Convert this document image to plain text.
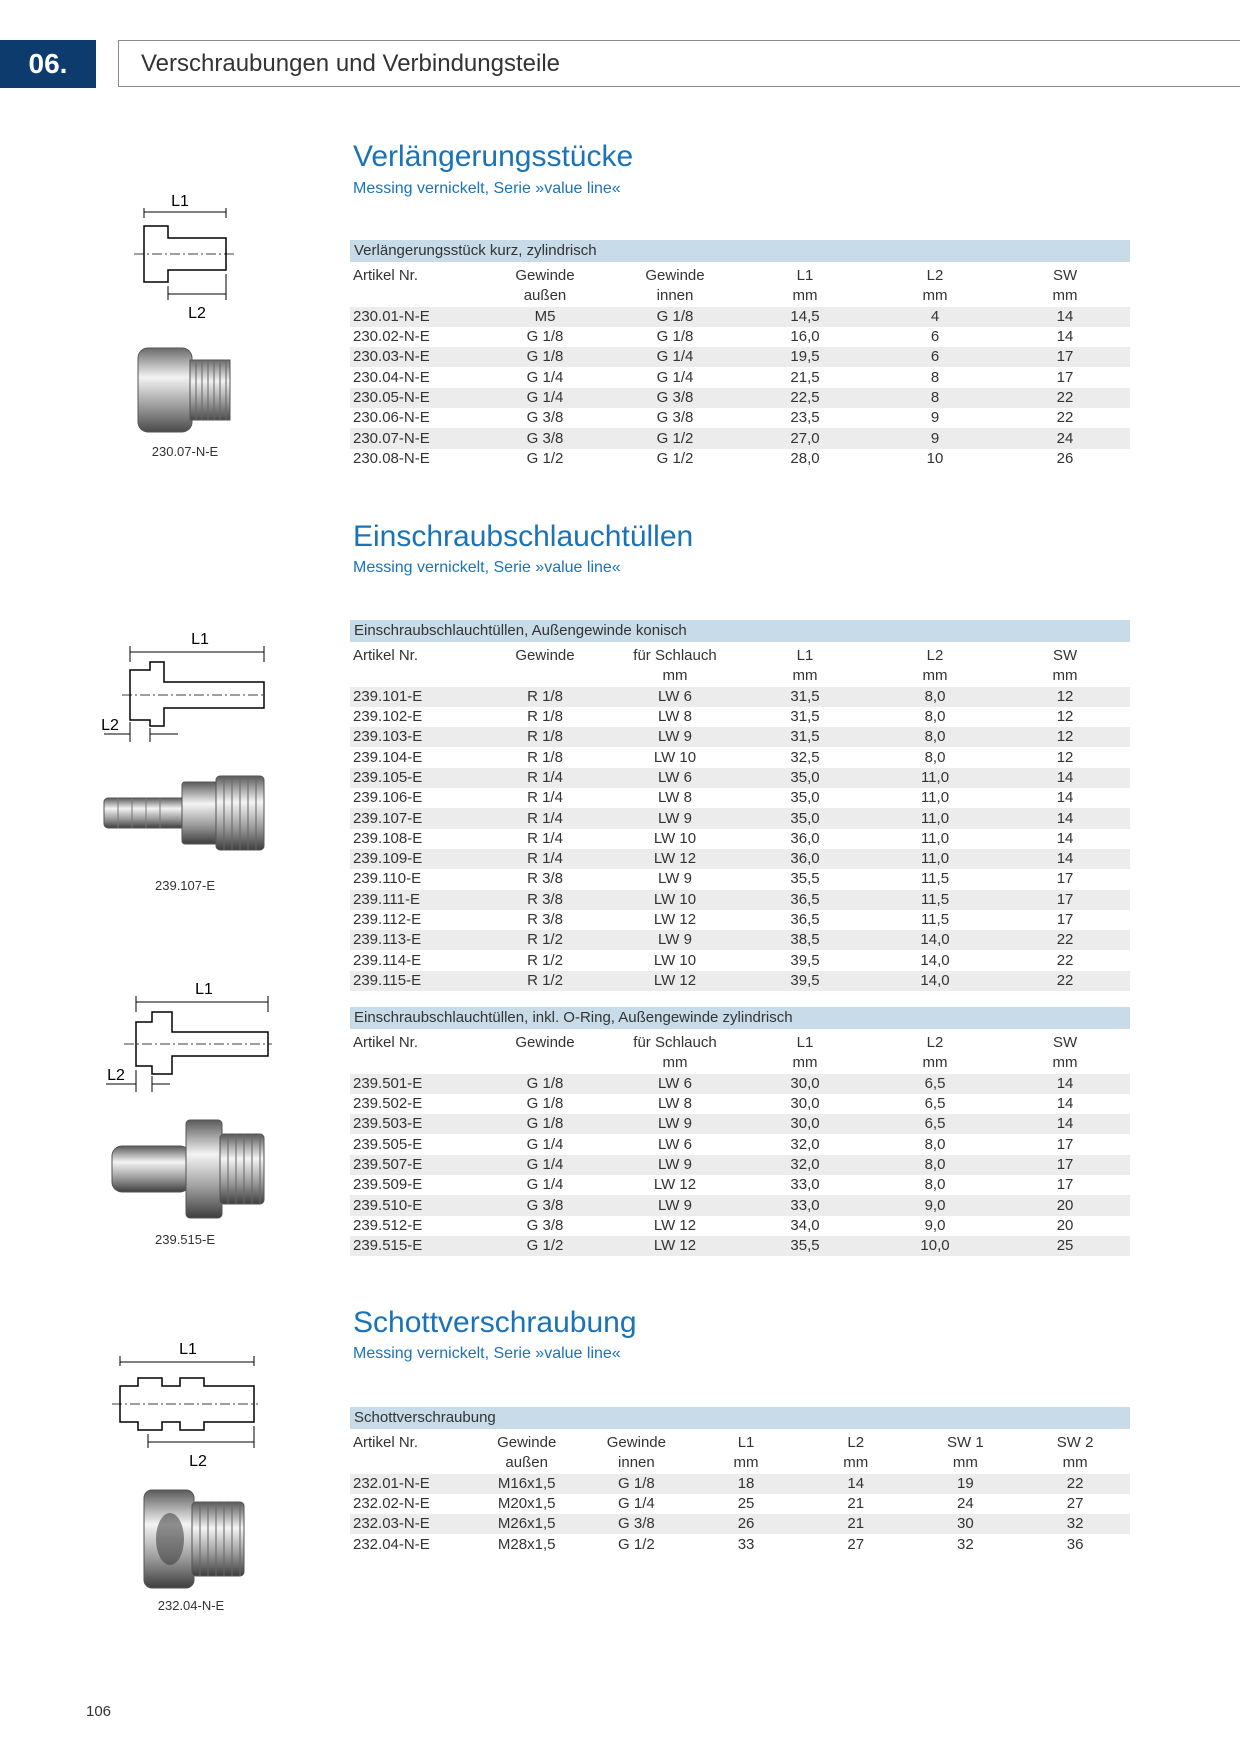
06.	Verschraubungen und Verbindungsteile
Verlängerungsstücke
Messing vernickelt, Serie »value line«
L1
L2
230.07-N-E
Verlängerungsstück kurz, zylindrisch					
Artikel Nr.	Gewinde	Gewinde	L1	L2	SW
	außen	innen	mm	mm	mm
230.01-N-E	M5	G 1/8	14,5	4	14
230.02-N-E	G 1/8	G 1/8	16,0	6	14
230.03-N-E	G 1/8	G 1/4	19,5	6	17
230.04-N-E	G 1/4	G 1/4	21,5	8	17
230.05-N-E	G 1/4	G 3/8	22,5	8	22
230.06-N-E	G 3/8	G 3/8	23,5	9	22
230.07-N-E	G 3/8	G 1/2	27,0	9	24
230.08-N-E	G 1/2	G 1/2	28,0	10	26
Einschraubschlauchtüllen
Messing vernickelt, Serie »value line«
L1
L2
239.107-E
L1
L2
239.515-E
Einschraubschlauchtüllen, Außengewinde konisch					
Artikel Nr.	Gewinde	für Schlauch	L1	L2	SW
		mm	mm	mm	mm
239.101-E	R 1/8	LW 6	31,5	8,0	12
239.102-E	R 1/8	LW 8	31,5	8,0	12
239.103-E	R 1/8	LW 9	31,5	8,0	12
239.104-E	R 1/8	LW 10	32,5	8,0	12
239.105-E	R 1/4	LW 6	35,0	11,0	14
239.106-E	R 1/4	LW 8	35,0	11,0	14
239.107-E	R 1/4	LW 9	35,0	11,0	14
239.108-E	R 1/4	LW 10	36,0	11,0	14
239.109-E	R 1/4	LW 12	36,0	11,0	14
239.110-E	R 3/8	LW 9	35,5	11,5	17
239.111-E	R 3/8	LW 10	36,5	11,5	17
239.112-E	R 3/8	LW 12	36,5	11,5	17
239.113-E	R 1/2	LW 9	38,5	14,0	22
239.114-E	R 1/2	LW 10	39,5	14,0	22
239.115-E	R 1/2	LW 12	39,5	14,0	22
Einschraubschlauchtüllen, inkl. O-Ring, Außengewinde zylindrisch					
Artikel Nr.	Gewinde	für Schlauch	L1	L2	SW
		mm	mm	mm	mm
239.501-E	G 1/8	LW 6	30,0	6,5	14
239.502-E	G 1/8	LW 8	30,0	6,5	14
239.503-E	G 1/8	LW 9	30,0	6,5	14
239.505-E	G 1/4	LW 6	32,0	8,0	17
239.507-E	G 1/4	LW 9	32,0	8,0	17
239.509-E	G 1/4	LW 12	33,0	8,0	17
239.510-E	G 3/8	LW 9	33,0	9,0	20
239.512-E	G 3/8	LW 12	34,0	9,0	20
239.515-E	G 1/2	LW 12	35,5	10,0	25
Schottverschraubung
Messing vernickelt, Serie »value line«
L1
L2
232.04-N-E
Schottverschraubung						
Artikel Nr.	Gewinde	Gewinde	L1	L2	SW 1	SW 2
	außen	innen	mm	mm	mm	mm
232.01-N-E	M16x1,5	G 1/8	18	14	19	22
232.02-N-E	M20x1,5	G 1/4	25	21	24	27
232.03-N-E	M26x1,5	G 3/8	26	21	30	32
232.04-N-E	M28x1,5	G 1/2	33	27	32	36
106
